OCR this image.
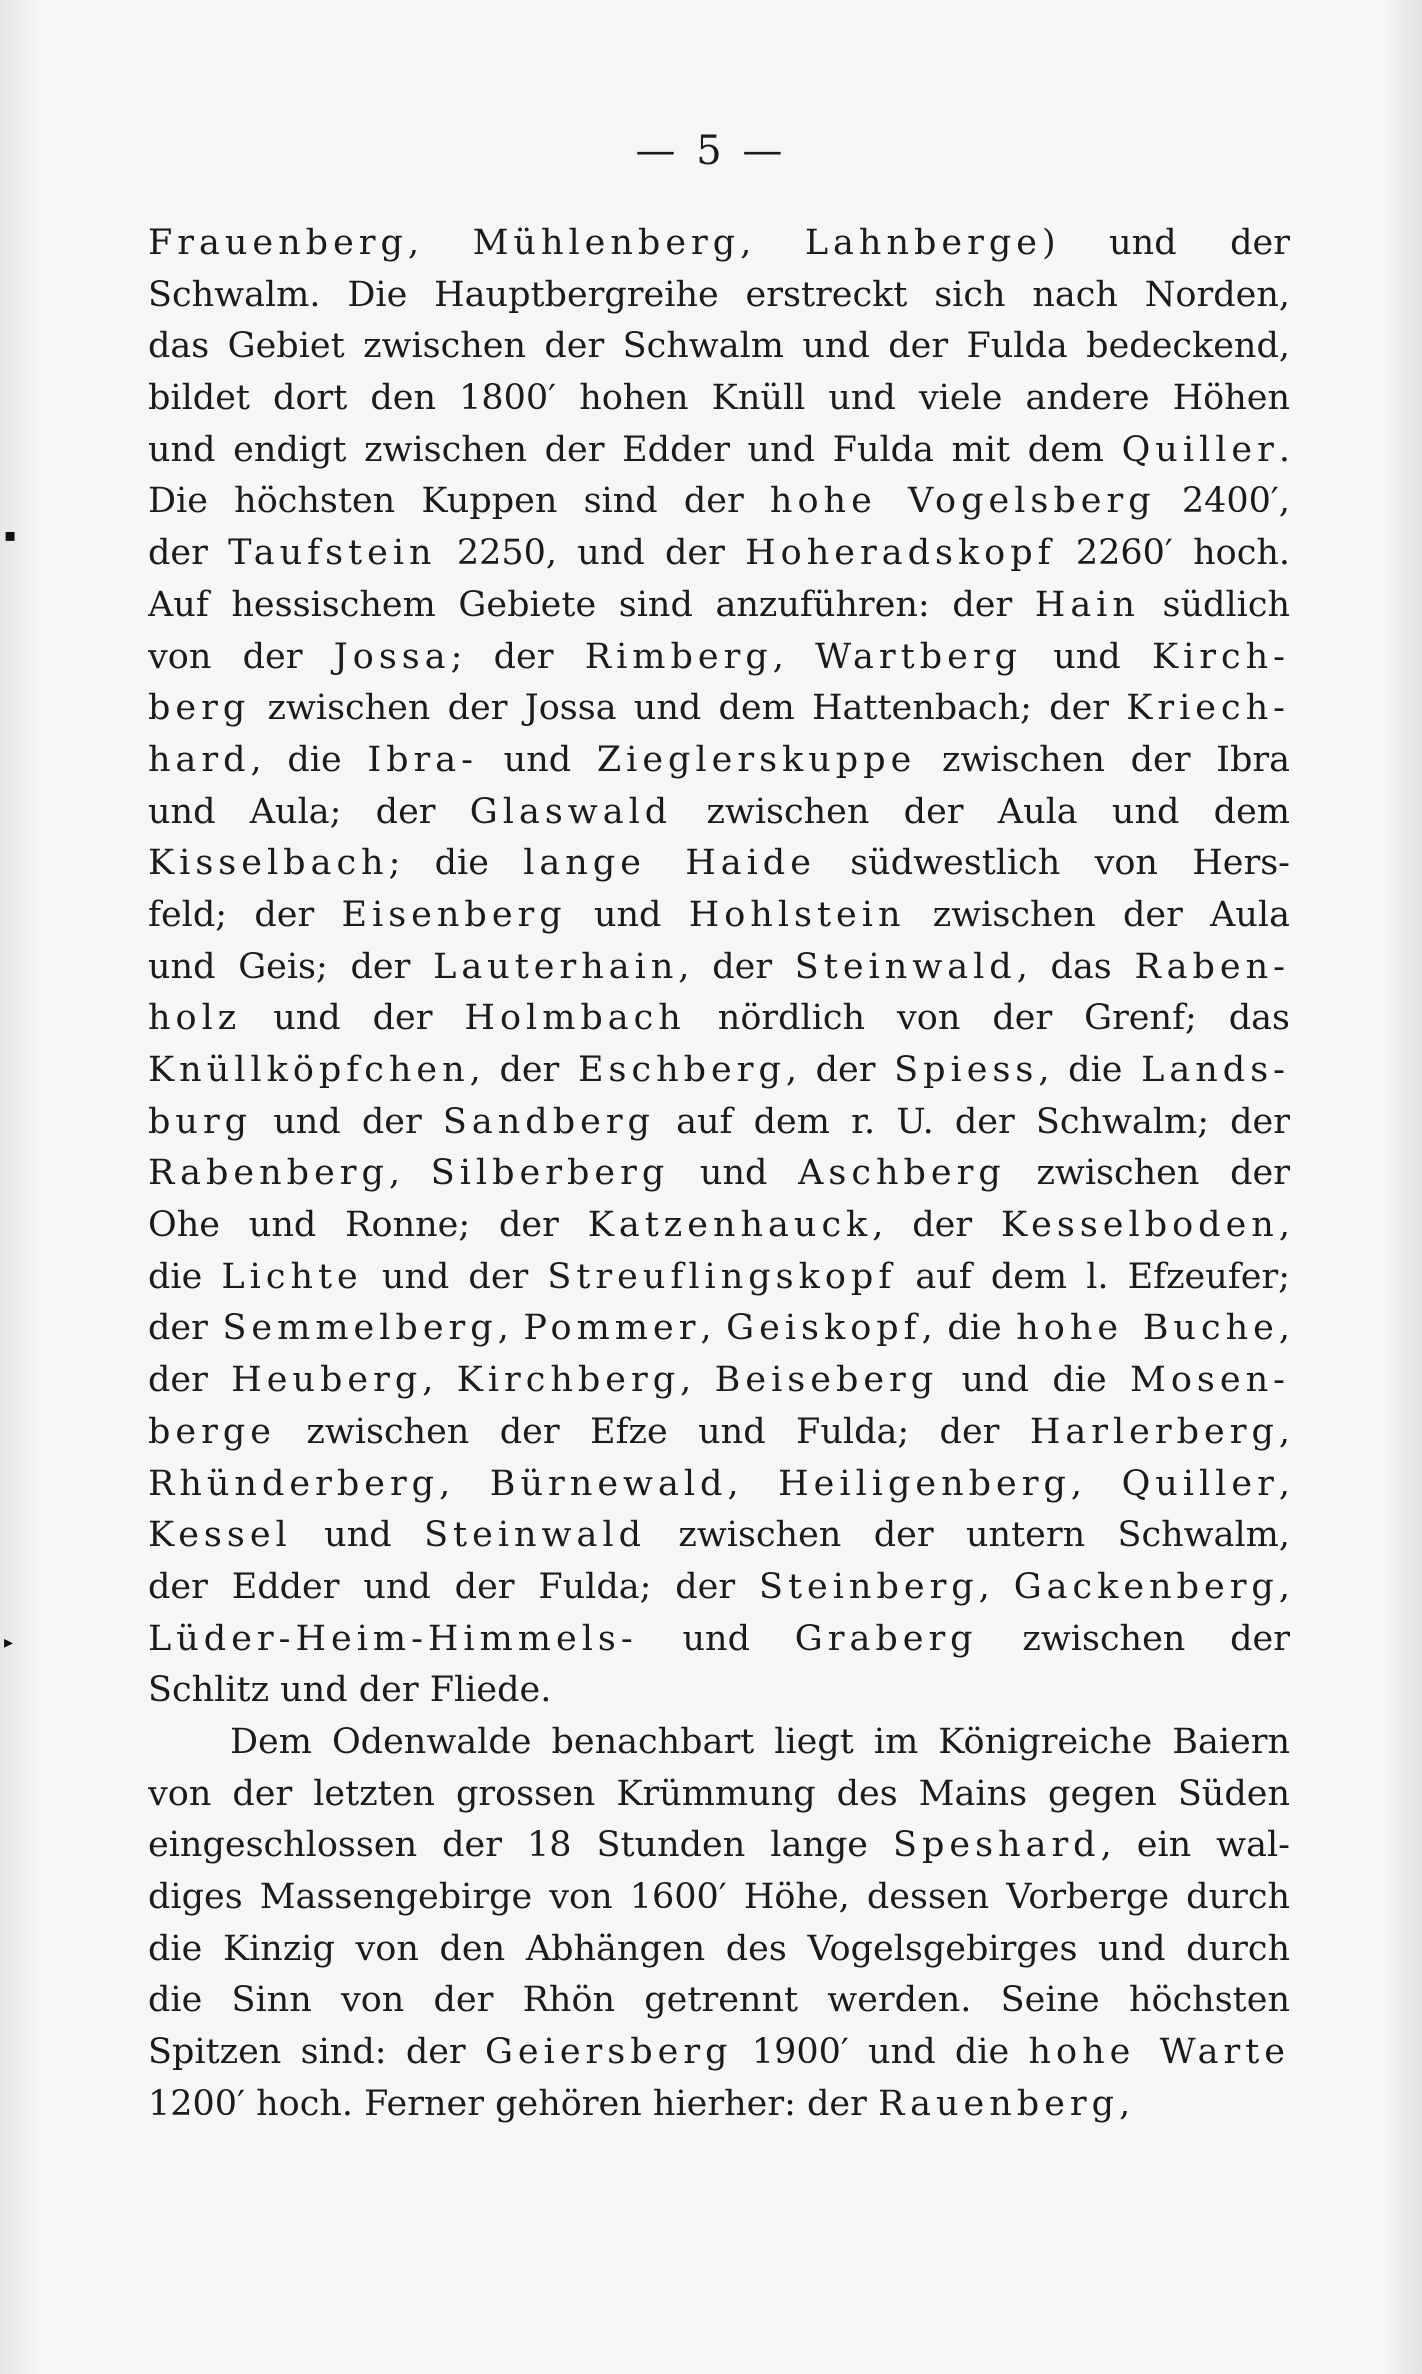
▪
▸
— 5 —
Frauenberg, Mühlenberg, Lahnberge) und der
Schwalm. Die Hauptbergreihe erstreckt sich nach Norden,
das Gebiet zwischen der Schwalm und der Fulda bedeckend,
bildet dort den 1800′ hohen Knüll und viele andere Höhen
und endigt zwischen der Edder und Fulda mit dem Quiller.
Die höchsten Kuppen sind der hohe Vogelsberg 2400′,
der Taufstein 2250, und der Hoheradskopf 2260′ hoch.
Auf hessischem Gebiete sind anzuführen: der Hain südlich
von der Jossa; der Rimberg, Wartberg und Kirch-
berg zwischen der Jossa und dem Hattenbach; der Kriech-
hard, die Ibra- und Zieglerskuppe zwischen der Ibra
und Aula; der Glaswald zwischen der Aula und dem
Kisselbach; die lange Haide südwestlich von Hers-
feld; der Eisenberg und Hohlstein zwischen der Aula
und Geis; der Lauterhain, der Steinwald, das Raben-
holz und der Holmbach nördlich von der Grenf; das
Knüllköpfchen, der Eschberg, der Spiess, die Lands-
burg und der Sandberg auf dem r. U. der Schwalm; der
Rabenberg, Silberberg und Aschberg zwischen der
Ohe und Ronne; der Katzenhauck, der Kesselboden,
die Lichte und der Streuflingskopf auf dem l. Efzeufer;
der Semmelberg, Pommer, Geiskopf, die hohe Buche,
der Heuberg, Kirchberg, Beiseberg und die Mosen-
berge zwischen der Efze und Fulda; der Harlerberg,
Rhünderberg, Bürnewald, Heiligenberg, Quiller,
Kessel und Steinwald zwischen der untern Schwalm,
der Edder und der Fulda; der Steinberg, Gackenberg,
Lüder-Heim-Himmels- und Graberg zwischen der
Schlitz und der Fliede.
Dem Odenwalde benachbart liegt im Königreiche Baiern
von der letzten grossen Krümmung des Mains gegen Süden
eingeschlossen der 18 Stunden lange Speshard, ein wal-
diges Massengebirge von 1600′ Höhe, dessen Vorberge durch
die Kinzig von den Abhängen des Vogelsgebirges und durch
die Sinn von der Rhön getrennt werden. Seine höchsten
Spitzen sind: der Geiersberg 1900′ und die hohe Warte
1200′ hoch. Ferner gehören hierher: der Rauenberg,
